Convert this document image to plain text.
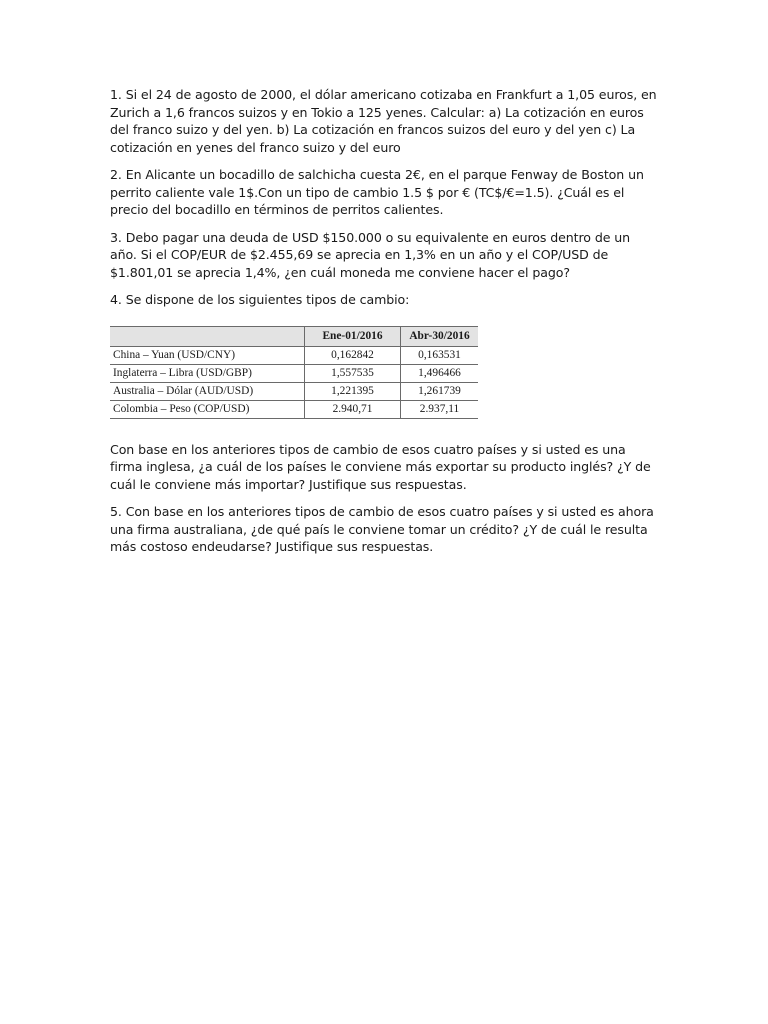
1. Si el 24 de agosto de 2000, el dólar americano cotizaba en Frankfurt a 1,05 euros, en Zurich a 1,6 francos suizos y en Tokio a 125 yenes. Calcular: a) La cotización en euros del franco suizo y del yen. b) La cotización en francos suizos del euro y del yen c) La cotización en yenes del franco suizo y del euro

2. En Alicante un bocadillo de salchicha cuesta 2€, en el parque Fenway de Boston un perrito caliente vale 1$.Con un tipo de cambio 1.5 $ por € (TC$/€=1.5). ¿Cuál es el precio del bocadillo en términos de perritos calientes.

3. Debo pagar una deuda de USD $150.000 o su equivalente en euros dentro de un año. Si el COP/EUR de $2.455,69 se aprecia en 1,3% en un año y el COP/USD de $1.801,01 se aprecia 1,4%, ¿en cuál moneda me conviene hacer el pago?

4. Se dispone de los siguientes tipos de cambio:

	Ene-01/2016	Abr-30/2016
China – Yuan (USD/CNY)	0,162842	0,163531
Inglaterra – Libra (USD/GBP)	1,557535	1,496466
Australia – Dólar (AUD/USD)	1,221395	1,261739
Colombia – Peso (COP/USD)	2.940,71	2.937,11

Con base en los anteriores tipos de cambio de esos cuatro países y si usted es una firma inglesa, ¿a cuál de los países le conviene más exportar su producto inglés? ¿Y de cuál le conviene más importar? Justifique sus respuestas.

5. Con base en los anteriores tipos de cambio de esos cuatro países y si usted es ahora una firma australiana, ¿de qué país le conviene tomar un crédito? ¿Y de cuál le resulta más costoso endeudarse? Justifique sus respuestas.
